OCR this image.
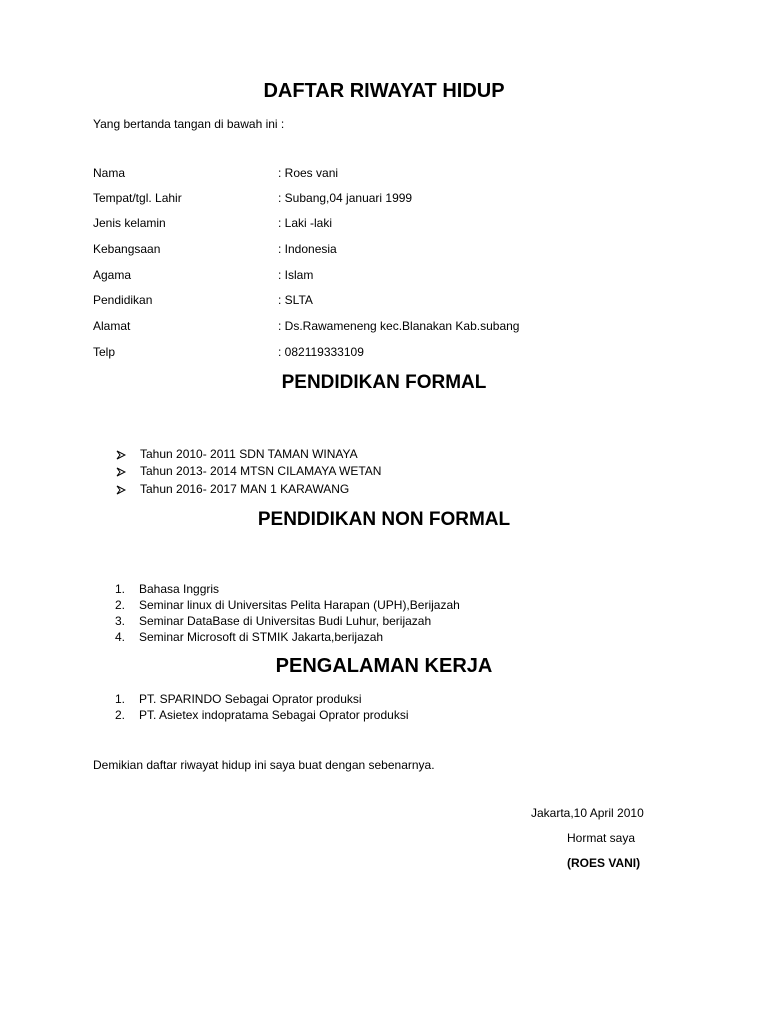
DAFTAR RIWAYAT HIDUP
Yang bertanda tangan di bawah ini :
Nama	: Roes vani
Tempat/tgl. Lahir	: Subang,04 januari 1999
Jenis kelamin	: Laki -laki
Kebangsaan	: Indonesia
Agama	: Islam
Pendidikan	: SLTA
Alamat	: Ds.Rawameneng kec.Blanakan Kab.subang
Telp	: 082119333109
PENDIDIKAN FORMAL
Tahun 2010- 2011 SDN TAMAN WINAYA
Tahun 2013- 2014 MTSN CILAMAYA WETAN
Tahun 2016- 2017 MAN 1 KARAWANG
PENDIDIKAN NON FORMAL
1.	Bahasa Inggris
2.	Seminar linux di Universitas Pelita Harapan (UPH),Berijazah
3.	Seminar DataBase di Universitas Budi Luhur, berijazah
4.	Seminar Microsoft di STMIK Jakarta,berijazah
PENGALAMAN KERJA
1.	PT. SPARINDO Sebagai Oprator produksi
2.	PT. Asietex indopratama Sebagai Oprator produksi
Demikian daftar riwayat hidup ini saya buat dengan sebenarnya.
Jakarta,10 April 2010
Hormat saya
(ROES VANI)
